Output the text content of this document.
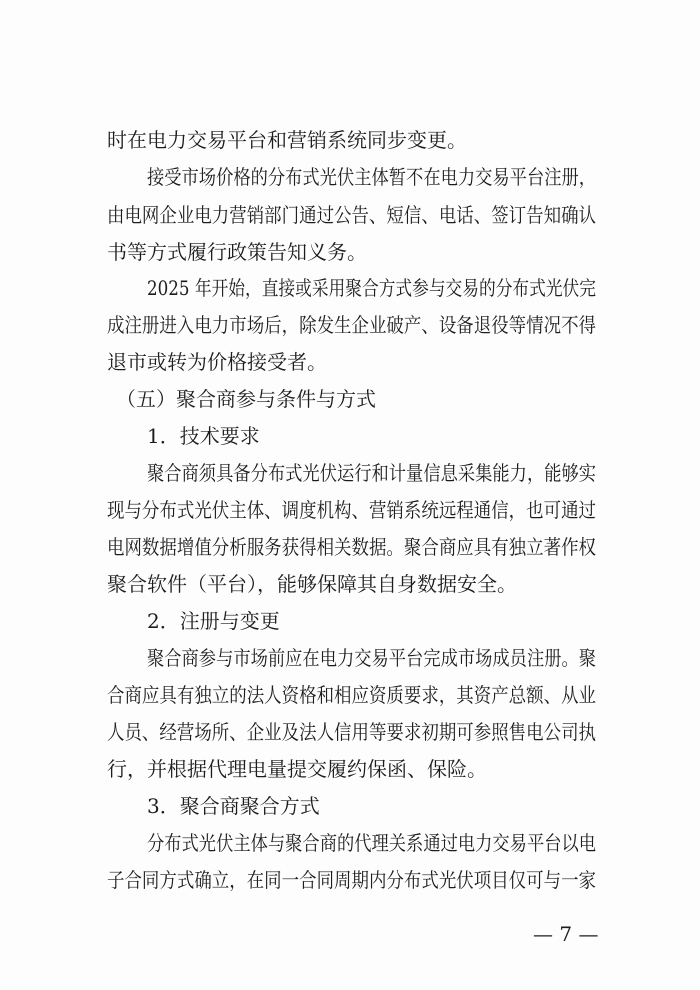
时在电力交易平台和营销系统同步变更。
接受市场价格的分布式光伏主体暂不在电力交易平台注册，
由电网企业电力营销部门通过公告、短信、电话、签订告知确认
书等方式履行政策告知义务。
2025 年开始，直接或采用聚合方式参与交易的分布式光伏完
成注册进入电力市场后，除发生企业破产、设备退役等情况不得
退市或转为价格接受者。
（五）聚合商参与条件与方式
1．技术要求
聚合商须具备分布式光伏运行和计量信息采集能力，能够实
现与分布式光伏主体、调度机构、营销系统远程通信，也可通过
电网数据增值分析服务获得相关数据。聚合商应具有独立著作权
聚合软件（平台），能够保障其自身数据安全。
2．注册与变更
聚合商参与市场前应在电力交易平台完成市场成员注册。聚
合商应具有独立的法人资格和相应资质要求，其资产总额、从业
人员、经营场所、企业及法人信用等要求初期可参照售电公司执
行，并根据代理电量提交履约保函、保险。
3．聚合商聚合方式
分布式光伏主体与聚合商的代理关系通过电力交易平台以电
子合同方式确立，在同一合同周期内分布式光伏项目仅可与一家
— 7 —
